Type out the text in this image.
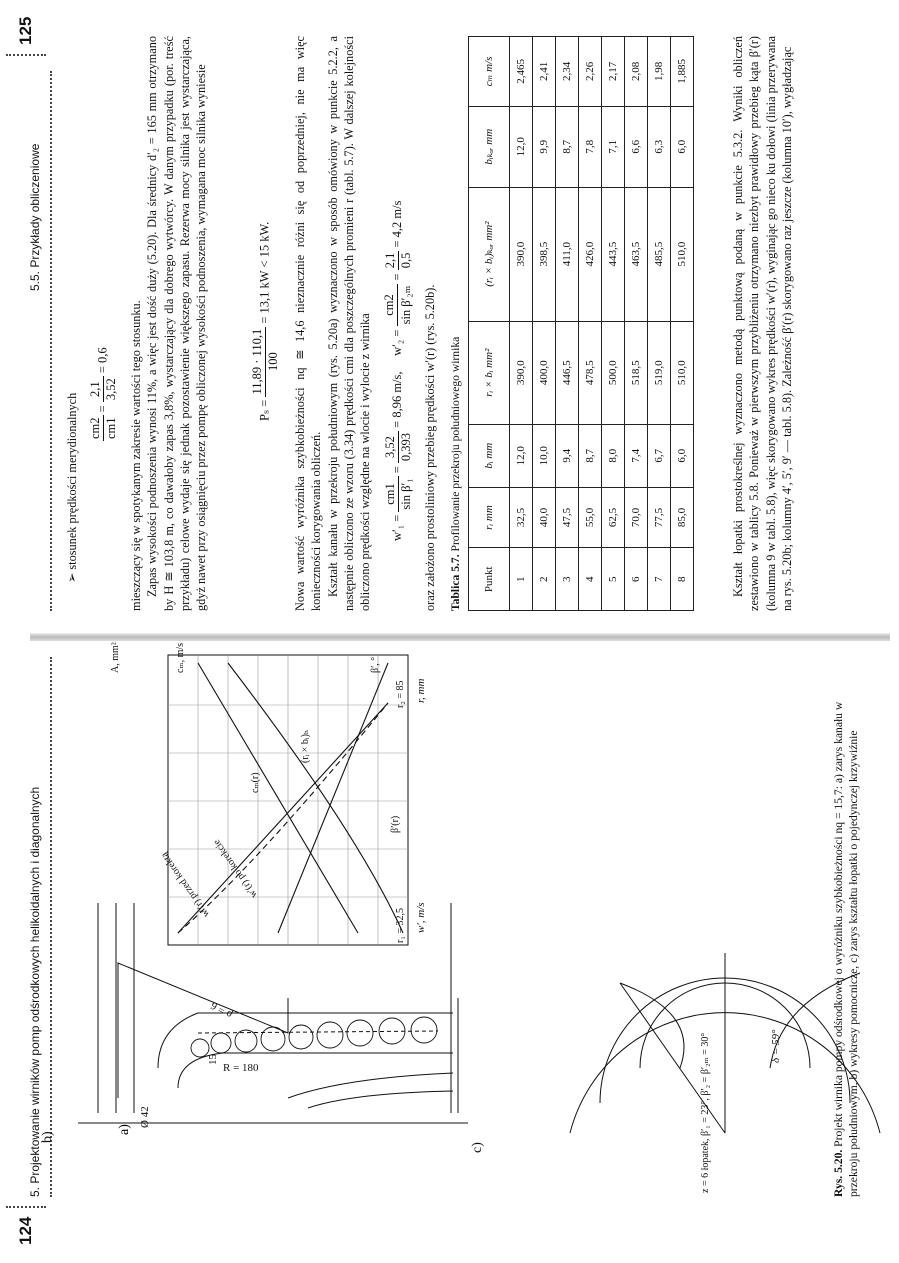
124
5. Projektowanie wirników pomp odśrodkowych helikoidalnych i diagonalnych	a)
R = 180
ρ = 6
15
Ø 42
b)
c)
w′, m/s
r, mm
w′(r) przed korektą w′(r) po korekcie
cₘ(r)
(rᵢ × bᵢ)ₕ
β′(r)
r₁ = 32,5
r₂ = 85
A, mm²	cₘ, m/s	β′, °
δ = 59°
z = 6 łopatek, β′₁ = 23°, β′₂ = β′₂ₘ = 30°	Rys. 5.20. Projekt wirnika pompy odśrodkowej o wyróżniku szybkobieżności nq = 15,7: a) zarys kanału w przekroju południowym, b) wykresy pomocnicze, c) zarys kształtu łopatki o pojedynczej krzywiźnie
5.5. Przykłady obliczeniowe
125
➢ stosunek prędkości merydionalnych cm2 cm1
=
2,1 3,52
= 0,6	mieszczący się w spotykanym zakresie wartości tego stosunku. Zapas wysokości podnoszenia wynosi 11%, a więc jest dość duży (5.20). Dla średnicy d′₂ = 165 mm otrzymano by H ≅ 103,8 m, co dawałoby zapas 3,8%, wystarczający dla dobrego wytwórcy. W danym przypadku (por. treść przykładu) celowe wydaje się jednak pozostawienie większego zapasu. Rezerwa mocy silnika jest wystarczająca, gdyż nawet przy osiągnięciu przez pompę obliczonej wysokości podnoszenia, wymagana moc silnika wyniesie	Pₛ =
11,89 · 110,1 100
= 13,1 kW < 15 kW.	Nowa wartość wyróżnika szybkobieżności nq ≅ 14,6 nieznacznie różni się od poprzedniej, nie ma więc konieczności korygowania obliczeń. Kształt kanału w przekroju południowym (rys. 5.20a) wyznaczono w sposób omówiony w punkcie 5.2.2, a następnie obliczono ze wzoru (3.34) prędkości cmi dla poszczególnych promieni r (tabl. 5.7). W dalszej kolejności obliczono prędkości względne na wlocie i wylocie z wirnika	w′₁ =
cm1 sin β′₁
=
3,52 0,393
= 8,96 m/s,     w′₂ =
cm2 sin β′₂ₘ
=
2,1 0,5
= 4,2 m/s
oraz założono prostoliniowy przebieg prędkości w′(r) (rys. 5.20b). Tablica 5.7. Profilowanie przekroju południowego wirnika
Punkt	rᵢ mm	bᵢ mm	rᵢ × bᵢ mm²	(rᵢ × bᵢ)ₖₒᵣ mm²	bᵢₖₒᵣ mm	cₘ m/s
1	32,5	12,0	390,0	390,0	12,0	2,465
2	40,0	10,0	400,0	398,5	9,9	2,41
3	47,5	9,4	446,5	411,0	8,7	2,34
4	55,0	8,7	478,5	426,0	7,8	2,26
5	62,5	8,0	500,0	443,5	7,1	2,17
6	70,0	7,4	518,5	463,5	6,6	2,08
7	77,5	6,7	519,0	485,5	6,3	1,98
8	85,0	6,0	510,0	510,0	6,0	1,885	Kształt łopatki prostokreślnej wyznaczono metodą punktową podaną w punkcie 5.3.2. Wyniki obliczeń zestawiono w tablicy 5.8. Ponieważ w pierwszym przybliżeniu otrzymano niezbyt prawidłowy przebieg kąta β′(r) (kolumna 9 w tabl. 5.8), więc skorygowano wykres prędkości w′(r), wyginając go nieco ku dołowi (linia przerywana na rys. 5.20b; kolumny 4′, 5′, 9′ — tabl. 5.8). Zależność β′(r) skorygowano raz jeszcze (kolumna 10′), wygładzając
